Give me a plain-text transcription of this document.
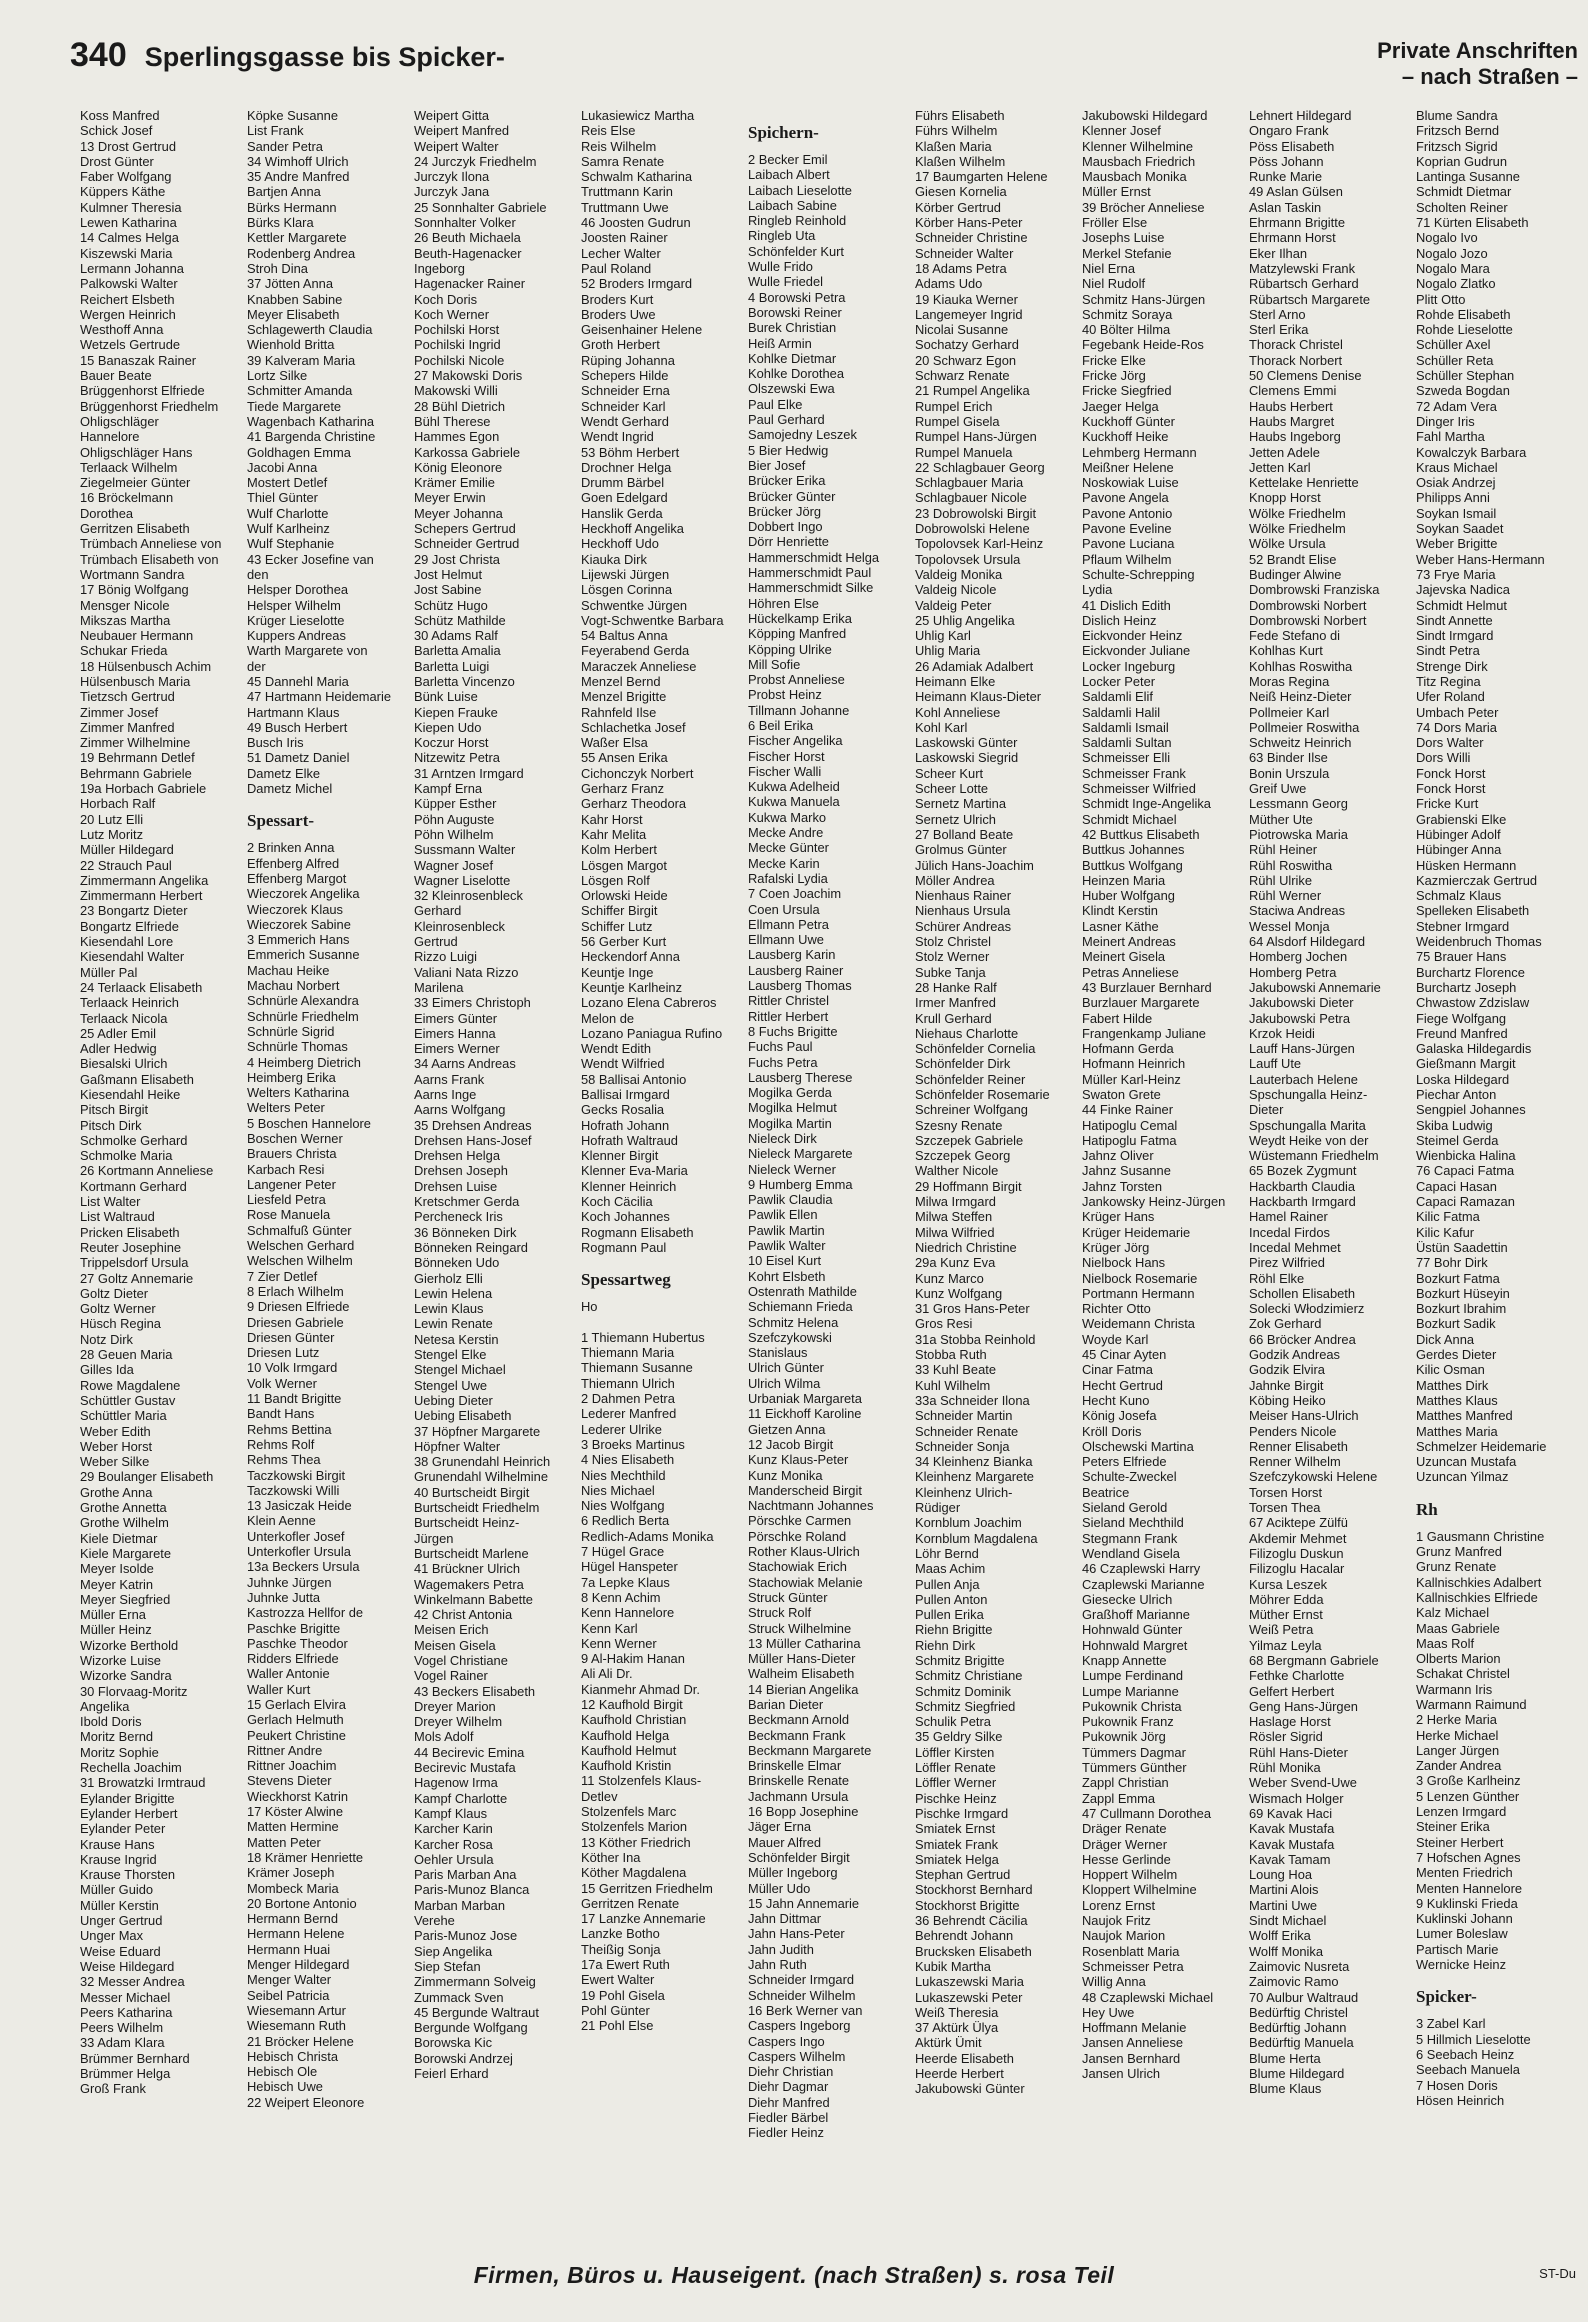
340 Sperlingsgasse bis Spicker-	Private Anschriften
– nach Straßen –
Koss Manfred
Schick Josef
13 Drost Gertrud
Drost Günter
Faber Wolfgang
Küppers Käthe
Kulmner Theresia
Lewen Katharina
14 Calmes Helga
Kiszewski Maria
Lermann Johanna
Palkowski Walter
Reichert Elsbeth
Wergen Heinrich
Westhoff Anna
Wetzels Gertrude
15 Banaszak Rainer
Bauer Beate
Brüggenhorst Elfriede
Brüggenhorst Friedhelm
Ohligschläger
Hannelore
Ohligschläger Hans
Terlaack Wilhelm
Ziegelmeier Günter
16 Bröckelmann
Dorothea
Gerritzen Elisabeth
Trümbach Anneliese von
Trümbach Elisabeth von
Wortmann Sandra
17 Bönig Wolfgang
Mensger Nicole
Mikszas Martha
Neubauer Hermann
Schukar Frieda
18 Hülsenbusch Achim
Hülsenbusch Maria
Tietzsch Gertrud
Zimmer Josef
Zimmer Manfred
Zimmer Wilhelmine
19 Behrmann Detlef
Behrmann Gabriele
19a Horbach Gabriele
Horbach Ralf
20 Lutz Elli
Lutz Moritz
Müller Hildegard
22 Strauch Paul
Zimmermann Angelika
Zimmermann Herbert
23 Bongartz Dieter
Bongartz Elfriede
Kiesendahl Lore
Kiesendahl Walter
Müller Pal
24 Terlaack Elisabeth
Terlaack Heinrich
Terlaack Nicola
25 Adler Emil
Adler Hedwig
Biesalski Ulrich
Gaßmann Elisabeth
Kiesendahl Heike
Pitsch Birgit
Pitsch Dirk
Schmolke Gerhard
Schmolke Maria
26 Kortmann Anneliese
Kortmann Gerhard
List Walter
List Waltraud
Pricken Elisabeth
Reuter Josephine
Trippelsdorf Ursula
27 Goltz Annemarie
Goltz Dieter
Goltz Werner
Hüsch Regina
Notz Dirk
28 Geuen Maria
Gilles Ida
Rowe Magdalene
Schüttler Gustav
Schüttler Maria
Weber Edith
Weber Horst
Weber Silke
29 Boulanger Elisabeth
Grothe Anna
Grothe Annetta
Grothe Wilhelm
Kiele Dietmar
Kiele Margarete
Meyer Isolde
Meyer Katrin
Meyer Siegfried
Müller Erna
Müller Heinz
Wizorke Berthold
Wizorke Luise
Wizorke Sandra
30 Florvaag-Moritz
Angelika
Ibold Doris
Moritz Bernd
Moritz Sophie
Rechella Joachim
31 Browatzki Irmtraud
Eylander Brigitte
Eylander Herbert
Eylander Peter
Krause Hans
Krause Ingrid
Krause Thorsten
Müller Guido
Müller Kerstin
Unger Gertrud
Unger Max
Weise Eduard
Weise Hildegard
32 Messer Andrea
Messer Michael
Peers Katharina
Peers Wilhelm
33 Adam Klara
Brümmer Bernhard
Brümmer Helga
Groß Frank
Köpke Susanne
List Frank
Sander Petra
34 Wimhoff Ulrich
35 Andre Manfred
Bartjen Anna
Bürks Hermann
Bürks Klara
Kettler Margarete
Rodenberg Andrea
Stroh Dina
37 Jötten Anna
Knabben Sabine
Meyer Elisabeth
Schlagewerth Claudia
Wienhold Britta
39 Kalveram Maria
Lortz Silke
Schmitter Amanda
Tiede Margarete
Wagenbach Katharina
41 Bargenda Christine
Goldhagen Emma
Jacobi Anna
Mostert Detlef
Thiel Günter
Wulf Charlotte
Wulf Karlheinz
Wulf Stephanie
43 Ecker Josefine van
den
Helsper Dorothea
Helsper Wilhelm
Krüger Lieselotte
Kuppers Andreas
Warth Margarete von
der
45 Dannehl Maria
47 Hartmann Heidemarie
Hartmann Klaus
49 Busch Herbert
Busch Iris
51 Dametz Daniel
Dametz Elke
Dametz Michel
Spessart-
2 Brinken Anna
Effenberg Alfred
Effenberg Margot
Wieczorek Angelika
Wieczorek Klaus
Wieczorek Sabine
3 Emmerich Hans
Emmerich Susanne
Machau Heike
Machau Norbert
Schnürle Alexandra
Schnürle Friedhelm
Schnürle Sigrid
Schnürle Thomas
4 Heimberg Dietrich
Heimberg Erika
Welters Katharina
Welters Peter
5 Boschen Hannelore
Boschen Werner
Brauers Christa
Karbach Resi
Langener Peter
Liesfeld Petra
Rose Manuela
Schmalfuß Günter
Welschen Gerhard
Welschen Wilhelm
7 Zier Detlef
8 Erlach Wilhelm
9 Driesen Elfriede
Driesen Gabriele
Driesen Günter
Driesen Lutz
10 Volk Irmgard
Volk Werner
11 Bandt Brigitte
Bandt Hans
Rehms Bettina
Rehms Rolf
Rehms Thea
Taczkowski Birgit
Taczkowski Willi
13 Jasiczak Heide
Klein Aenne
Unterkofler Josef
Unterkofler Ursula
13a Beckers Ursula
Juhnke Jürgen
Juhnke Jutta
Kastrozza Hellfor de
Paschke Brigitte
Paschke Theodor
Ridders Elfriede
Waller Antonie
Waller Kurt
15 Gerlach Elvira
Gerlach Helmuth
Peukert Christine
Rittner Andre
Rittner Joachim
Stevens Dieter
Wieckhorst Katrin
17 Köster Alwine
Matten Hermine
Matten Peter
18 Krämer Henriette
Krämer Joseph
Mombeck Maria
20 Bortone Antonio
Hermann Bernd
Hermann Helene
Hermann Huai
Menger Hildegard
Menger Walter
Seibel Patricia
Wiesemann Artur
Wiesemann Ruth
21 Bröcker Helene
Hebisch Christa
Hebisch Ole
Hebisch Uwe
22 Weipert Eleonore
Weipert Gitta
Weipert Manfred
Weipert Walter
24 Jurczyk Friedhelm
Jurczyk Ilona
Jurczyk Jana
25 Sonnhalter Gabriele
Sonnhalter Volker
26 Beuth Michaela
Beuth-Hagenacker
Ingeborg
Hagenacker Rainer
Koch Doris
Koch Werner
Pochilski Horst
Pochilski Ingrid
Pochilski Nicole
27 Makowski Doris
Makowski Willi
28 Bühl Dietrich
Bühl Therese
Hammes Egon
Karkossa Gabriele
König Eleonore
Krämer Emilie
Meyer Erwin
Meyer Johanna
Schepers Gertrud
Schneider Gertrud
29 Jost Christa
Jost Helmut
Jost Sabine
Schütz Hugo
Schütz Mathilde
30 Adams Ralf
Barletta Amalia
Barletta Luigi
Barletta Vincenzo
Bünk Luise
Kiepen Frauke
Kiepen Udo
Koczur Horst
Nitzewitz Petra
31 Arntzen Irmgard
Kampf Erna
Küpper Esther
Pöhn Auguste
Pöhn Wilhelm
Sussmann Walter
Wagner Josef
Wagner Liselotte
32 Kleinrosenbleck
Gerhard
Kleinrosenbleck
Gertrud
Rizzo Luigi
Valiani Nata Rizzo
Marilena
33 Eimers Christoph
Eimers Günter
Eimers Hanna
Eimers Werner
34 Aarns Andreas
Aarns Frank
Aarns Inge
Aarns Wolfgang
35 Drehsen Andreas
Drehsen Hans-Josef
Drehsen Helga
Drehsen Joseph
Drehsen Luise
Kretschmer Gerda
Percheneck Iris
36 Bönneken Dirk
Bönneken Reingard
Bönneken Udo
Gierholz Elli
Lewin Helena
Lewin Klaus
Lewin Renate
Netesa Kerstin
Stengel Elke
Stengel Michael
Stengel Uwe
Uebing Dieter
Uebing Elisabeth
37 Höpfner Margarete
Höpfner Walter
38 Grunendahl Heinrich
Grunendahl Wilhelmine
40 Burtscheidt Birgit
Burtscheidt Friedhelm
Burtscheidt Heinz-
Jürgen
Burtscheidt Marlene
41 Brückner Ulrich
Wagemakers Petra
Winkelmann Babette
42 Christ Antonia
Meisen Erich
Meisen Gisela
Vogel Christiane
Vogel Rainer
43 Beckers Elisabeth
Dreyer Marion
Dreyer Wilhelm
Mols Adolf
44 Becirevic Emina
Becirevic Mustafa
Hagenow Irma
Kampf Charlotte
Kampf Klaus
Karcher Karin
Karcher Rosa
Oehler Ursula
Paris Marban Ana
Paris-Munoz Blanca
Marban Marban
Verehe
Paris-Munoz Jose
Siep Angelika
Siep Stefan
Zimmermann Solveig
Zummack Sven
45 Bergunde Waltraut
Bergunde Wolfgang
Borowska Kic
Borowski Andrzej
Feierl Erhard
Lukasiewicz Martha
Reis Else
Reis Wilhelm
Samra Renate
Schwalm Katharina
Truttmann Karin
Truttmann Uwe
46 Joosten Gudrun
Joosten Rainer
Lecher Walter
Paul Roland
52 Broders Irmgard
Broders Kurt
Broders Uwe
Geisenhainer Helene
Groth Herbert
Rüping Johanna
Schepers Hilde
Schneider Erna
Schneider Karl
Wendt Gerhard
Wendt Ingrid
53 Böhm Herbert
Drochner Helga
Drumm Bärbel
Goen Edelgard
Hanslik Gerda
Heckhoff Angelika
Heckhoff Udo
Kiauka Dirk
Lijewski Jürgen
Lösgen Corinna
Schwentke Jürgen
Vogt-Schwentke Barbara
54 Baltus Anna
Feyerabend Gerda
Maraczek Anneliese
Menzel Bernd
Menzel Brigitte
Rahnfeld Ilse
Schlachetka Josef
Waßer Elsa
55 Ansen Erika
Cichonczyk Norbert
Gerharz Franz
Gerharz Theodora
Kahr Horst
Kahr Melita
Kolm Herbert
Lösgen Margot
Lösgen Rolf
Orlowski Heide
Schiffer Birgit
Schiffer Lutz
56 Gerber Kurt
Heckendorf Anna
Keuntje Inge
Keuntje Karlheinz
Lozano Elena Cabreros
Melon de
Lozano Paniagua Rufino
Wendt Edith
Wendt Wilfried
58 Ballisai Antonio
Ballisai Irmgard
Gecks Rosalia
Hofrath Johann
Hofrath Waltraud
Klenner Birgit
Klenner Eva-Maria
Klenner Heinrich
Koch Cäcilia
Koch Johannes
Rogmann Elisabeth
Rogmann Paul
Spessartweg
Ho

1 Thiemann Hubertus
Thiemann Maria
Thiemann Susanne
Thiemann Ulrich
2 Dahmen Petra
Lederer Manfred
Lederer Ulrike
3 Broeks Martinus
4 Nies Elisabeth
Nies Mechthild
Nies Michael
Nies Wolfgang
6 Redlich Berta
Redlich-Adams Monika
7 Hügel Grace
Hügel Hanspeter
7a Lepke Klaus
8 Kenn Achim
Kenn Hannelore
Kenn Karl
Kenn Werner
9 Al-Hakim Hanan
Ali Ali Dr.
Kianmehr Ahmad Dr.
12 Kaufhold Birgit
Kaufhold Christian
Kaufhold Helga
Kaufhold Helmut
Kaufhold Kristin
11 Stolzenfels Klaus-
Detlev
Stolzenfels Marc
Stolzenfels Marion
13 Köther Friedrich
Köther Ina
Köther Magdalena
15 Gerritzen Friedhelm
Gerritzen Renate
17 Lanzke Annemarie
Lanzke Botho
Theißig Sonja
17a Ewert Ruth
Ewert Walter
19 Pohl Gisela
Pohl Günter
21 Pohl Else
Spichern-
2 Becker Emil
Laibach Albert
Laibach Lieselotte
Laibach Sabine
Ringleb Reinhold
Ringleb Uta
Schönfelder Kurt
Wulle Frido
Wulle Friedel
4 Borowski Petra
Borowski Reiner
Burek Christian
Heiß Armin
Kohlke Dietmar
Kohlke Dorothea
Olszewski Ewa
Paul Elke
Paul Gerhard
Samojedny Leszek
5 Bier Hedwig
Bier Josef
Brücker Erika
Brücker Günter
Brücker Jörg
Dobbert Ingo
Dörr Henriette
Hammerschmidt Helga
Hammerschmidt Paul
Hammerschmidt Silke
Höhren Else
Hückelkamp Erika
Köpping Manfred
Köpping Ulrike
Mill Sofie
Probst Anneliese
Probst Heinz
Tillmann Johanne
6 Beil Erika
Fischer Angelika
Fischer Horst
Fischer Walli
Kukwa Adelheid
Kukwa Manuela
Kukwa Marko
Mecke Andre
Mecke Günter
Mecke Karin
Rafalski Lydia
7 Coen Joachim
Coen Ursula
Ellmann Petra
Ellmann Uwe
Lausberg Karin
Lausberg Rainer
Lausberg Thomas
Rittler Christel
Rittler Herbert
8 Fuchs Brigitte
Fuchs Paul
Fuchs Petra
Lausberg Therese
Mogilka Gerda
Mogilka Helmut
Mogilka Martin
Nieleck Dirk
Nieleck Margarete
Nieleck Werner
9 Humberg Emma
Pawlik Claudia
Pawlik Ellen
Pawlik Martin
Pawlik Walter
10 Eisel Kurt
Kohrt Elsbeth
Ostenrath Mathilde
Schiemann Frieda
Schmitz Helena
Szefczykowski
Stanislaus
Ulrich Günter
Ulrich Wilma
Urbaniak Margareta
11 Eickhoff Karoline
Gietzen Anna
12 Jacob Birgit
Kunz Klaus-Peter
Kunz Monika
Manderscheid Birgit
Nachtmann Johannes
Pörschke Carmen
Pörschke Roland
Rother Klaus-Ulrich
Stachowiak Erich
Stachowiak Melanie
Struck Günter
Struck Rolf
Struck Wilhelmine
13 Müller Catharina
Müller Hans-Dieter
Walheim Elisabeth
14 Bierian Angelika
Barian Dieter
Beckmann Arnold
Beckmann Frank
Beckmann Margarete
Brinskelle Elmar
Brinskelle Renate
Jachmann Ursula
16 Bopp Josephine
Jäger Erna
Mauer Alfred
Schönfelder Birgit
Müller Ingeborg
Müller Udo
15 Jahn Annemarie
Jahn Dittmar
Jahn Hans-Peter
Jahn Judith
Jahn Ruth
Schneider Irmgard
Schneider Wilhelm
16 Berk Werner van
Caspers Ingeborg
Caspers Ingo
Caspers Wilhelm
Diehr Christian
Diehr Dagmar
Diehr Manfred
Fiedler Bärbel
Fiedler Heinz
Führs Elisabeth
Führs Wilhelm
Klaßen Maria
Klaßen Wilhelm
17 Baumgarten Helene
Giesen Kornelia
Körber Gertrud
Körber Hans-Peter
Schneider Christine
Schneider Walter
18 Adams Petra
Adams Udo
19 Kiauka Werner
Langemeyer Ingrid
Nicolai Susanne
Sochatzy Gerhard
20 Schwarz Egon
Schwarz Renate
21 Rumpel Angelika
Rumpel Erich
Rumpel Gisela
Rumpel Hans-Jürgen
Rumpel Manuela
22 Schlagbauer Georg
Schlagbauer Maria
Schlagbauer Nicole
23 Dobrowolski Birgit
Dobrowolski Helene
Topolovsek Karl-Heinz
Topolovsek Ursula
Valdeig Monika
Valdeig Nicole
Valdeig Peter
25 Uhlig Angelika
Uhlig Karl
Uhlig Maria
26 Adamiak Adalbert
Heimann Elke
Heimann Klaus-Dieter
Kohl Anneliese
Kohl Karl
Laskowski Günter
Laskowski Siegrid
Scheer Kurt
Scheer Lotte
Sernetz Martina
Sernetz Ulrich
27 Bolland Beate
Grolmus Günter
Jülich Hans-Joachim
Möller Andrea
Nienhaus Rainer
Nienhaus Ursula
Schürer Andreas
Stolz Christel
Stolz Werner
Subke Tanja
28 Hanke Ralf
Irmer Manfred
Krull Gerhard
Niehaus Charlotte
Schönfelder Cornelia
Schönfelder Dirk
Schönfelder Reiner
Schönfelder Rosemarie
Schreiner Wolfgang
Szesny Renate
Szczepek Gabriele
Szczepek Georg
Walther Nicole
29 Hoffmann Birgit
Milwa Irmgard
Milwa Steffen
Milwa Wilfried
Niedrich Christine
29a Kunz Eva
Kunz Marco
Kunz Wolfgang
31 Gros Hans-Peter
Gros Resi
31a Stobba Reinhold
Stobba Ruth
33 Kuhl Beate
Kuhl Wilhelm
33a Schneider Ilona
Schneider Martin
Schneider Renate
Schneider Sonja
34 Kleinhenz Bianka
Kleinhenz Margarete
Kleinhenz Ulrich-
Rüdiger
Kornblum Joachim
Kornblum Magdalena
Löhr Bernd
Maas Achim
Pullen Anja
Pullen Anton
Pullen Erika
Riehn Brigitte
Riehn Dirk
Schmitz Brigitte
Schmitz Christiane
Schmitz Dominik
Schmitz Siegfried
Schulik Petra
35 Geldry Silke
Löffler Kirsten
Löffler Renate
Löffler Werner
Pischke Heinz
Pischke Irmgard
Smiatek Ernst
Smiatek Frank
Smiatek Helga
Stephan Gertrud
Stockhorst Bernhard
Stockhorst Brigitte
36 Behrendt Cäcilia
Behrendt Johann
Brucksken Elisabeth
Kubik Martha
Lukaszewski Maria
Lukaszewski Peter
Weiß Theresia
37 Aktürk Ülya
Aktürk Ümit
Heerde Elisabeth
Heerde Herbert
Jakubowski Günter
Jakubowski Hildegard
Klenner Josef
Klenner Wilhelmine
Mausbach Friedrich
Mausbach Monika
Müller Ernst
39 Bröcher Anneliese
Fröller Else
Josephs Luise
Merkel Stefanie
Niel Erna
Niel Rudolf
Schmitz Hans-Jürgen
Schmitz Soraya
40 Bölter Hilma
Fegebank Heide-Ros
Fricke Elke
Fricke Jörg
Fricke Siegfried
Jaeger Helga
Kuckhoff Günter
Kuckhoff Heike
Lehmberg Hermann
Meißner Helene
Noskowiak Luise
Pavone Angela
Pavone Antonio
Pavone Eveline
Pavone Luciana
Pflaum Wilhelm
Schulte-Schrepping
Lydia
41 Dislich Edith
Dislich Heinz
Eickvonder Heinz
Eickvonder Juliane
Locker Ingeburg
Locker Peter
Saldamli Elif
Saldamli Halil
Saldamli Ismail
Saldamli Sultan
Schmeisser Elli
Schmeisser Frank
Schmeisser Wilfried
Schmidt Inge-Angelika
Schmidt Michael
42 Buttkus Elisabeth
Buttkus Johannes
Buttkus Wolfgang
Heinzen Maria
Huber Wolfgang
Klindt Kerstin
Lasner Käthe
Meinert Andreas
Meinert Gisela
Petras Anneliese
43 Burzlauer Bernhard
Burzlauer Margarete
Fabert Hilde
Frangenkamp Juliane
Hofmann Gerda
Hofmann Heinrich
Müller Karl-Heinz
Swaton Grete
44 Finke Rainer
Hatipoglu Cemal
Hatipoglu Fatma
Jahnz Oliver
Jahnz Susanne
Jahnz Torsten
Jankowsky Heinz-Jürgen
Krüger Hans
Krüger Heidemarie
Krüger Jörg
Nielbock Hans
Nielbock Rosemarie
Portmann Hermann
Richter Otto
Weidemann Christa
Woyde Karl
45 Cinar Ayten
Cinar Fatma
Hecht Gertrud
Hecht Kuno
König Josefa
Kröll Doris
Olschewski Martina
Peters Elfriede
Schulte-Zweckel
Beatrice
Sieland Gerold
Sieland Mechthild
Stegmann Frank
Wendland Gisela
46 Czaplewski Harry
Czaplewski Marianne
Giesecke Ulrich
Graßhoff Marianne
Hohnwald Günter
Hohnwald Margret
Knapp Annette
Lumpe Ferdinand
Lumpe Marianne
Pukownik Christa
Pukownik Franz
Pukownik Jörg
Tümmers Dagmar
Tümmers Günther
Zappl Christian
Zappl Emma
47 Cullmann Dorothea
Dräger Renate
Dräger Werner
Hesse Gerlinde
Hoppert Wilhelm
Kloppert Wilhelmine
Lorenz Ernst
Naujok Fritz
Naujok Marion
Rosenblatt Maria
Schmeisser Petra
Willig Anna
48 Czaplewski Michael
Hey Uwe
Hoffmann Melanie
Jansen Anneliese
Jansen Bernhard
Jansen Ulrich
Lehnert Hildegard
Ongaro Frank
Pöss Elisabeth
Pöss Johann
Runke Marie
49 Aslan Gülsen
Aslan Taskin
Ehrmann Brigitte
Ehrmann Horst
Eker Ilhan
Matzylewski Frank
Rübartsch Gerhard
Rübartsch Margarete
Sterl Arno
Sterl Erika
Thorack Christel
Thorack Norbert
50 Clemens Denise
Clemens Emmi
Haubs Herbert
Haubs Margret
Haubs Ingeborg
Jetten Adele
Jetten Karl
Kettelake Henriette
Knopp Horst
Wölke Friedhelm
Wölke Friedhelm
Wölke Ursula
52 Brandt Elise
Budinger Alwine
Dombrowski Franziska
Dombrowski Norbert
Dombrowski Norbert
Fede Stefano di
Kohlhas Kurt
Kohlhas Roswitha
Moras Regina
Neiß Heinz-Dieter
Pollmeier Karl
Pollmeier Roswitha
Schweitz Heinrich
63 Binder Ilse
Bonin Urszula
Greif Uwe
Lessmann Georg
Müther Ute
Piotrowska Maria
Rühl Heiner
Rühl Roswitha
Rühl Ulrike
Rühl Werner
Staciwa Andreas
Wessel Monja
64 Alsdorf Hildegard
Homberg Jochen
Homberg Petra
Jakubowski Annemarie
Jakubowski Dieter
Jakubowski Petra
Krzok Heidi
Lauff Hans-Jürgen
Lauff Ute
Lauterbach Helene
Spschungalla Heinz-
Dieter
Spschungalla Marita
Weydt Heike von der
Wüstemann Friedhelm
65 Bozek Zygmunt
Hackbarth Claudia
Hackbarth Irmgard
Hamel Rainer
Incedal Firdos
Incedal Mehmet
Pirez Wilfried
Röhl Elke
Schollen Elisabeth
Solecki Włodzimierz
Zok Gerhard
66 Bröcker Andrea
Godzik Andreas
Godzik Elvira
Jahnke Birgit
Köbing Heiko
Meiser Hans-Ulrich
Penders Nicole
Renner Elisabeth
Renner Wilhelm
Szefczykowski Helene
Torsen Horst
Torsen Thea
67 Aciktepe Zülfü
Akdemir Mehmet
Filizoglu Duskun
Filizoglu Hacalar
Kursa Leszek
Möhrer Edda
Müther Ernst
Weiß Petra
Yilmaz Leyla
68 Bergmann Gabriele
Fethke Charlotte
Gelfert Herbert
Geng Hans-Jürgen
Haslage Horst
Rösler Sigrid
Rühl Hans-Dieter
Rühl Monika
Weber Svend-Uwe
Wismach Holger
69 Kavak Haci
Kavak Mustafa
Kavak Mustafa
Kavak Tamam
Loung Hoa
Martini Alois
Martini Uwe
Sindt Michael
Wolff Erika
Wolff Monika
Zaimovic Nusreta
Zaimovic Ramo
70 Aulbur Waltraud
Bedürftig Christel
Bedürftig Johann
Bedürftig Manuela
Blume Herta
Blume Hildegard
Blume Klaus
Blume Sandra
Fritzsch Bernd
Fritzsch Sigrid
Koprian Gudrun
Lantinga Susanne
Schmidt Dietmar
Scholten Reiner
71 Kürten Elisabeth
Nogalo Ivo
Nogalo Jozo
Nogalo Mara
Nogalo Zlatko
Plitt Otto
Rohde Elisabeth
Rohde Lieselotte
Schüller Axel
Schüller Reta
Schüller Stephan
Szweda Bogdan
72 Adam Vera
Dinger Iris
Fahl Martha
Kowalczyk Barbara
Kraus Michael
Osiak Andrzej
Philipps Anni
Soykan Ismail
Soykan Saadet
Weber Brigitte
Weber Hans-Hermann
73 Frye Maria
Jajevska Nadica
Schmidt Helmut
Sindt Annette
Sindt Irmgard
Sindt Petra
Strenge Dirk
Titz Regina
Ufer Roland
Umbach Peter
74 Dors Maria
Dors Walter
Dors Willi
Fonck Horst
Fonck Horst
Fricke Kurt
Grabienski Elke
Hübinger Adolf
Hübinger Anna
Hüsken Hermann
Kazmierczak Gertrud
Schmalz Klaus
Spelleken Elisabeth
Stebner Irmgard
Weidenbruch Thomas
75 Brauer Hans
Burchartz Florence
Burchartz Joseph
Chwastow Zdzislaw
Fiege Wolfgang
Freund Manfred
Galaska Hildegardis
Gießmann Margit
Loska Hildegard
Piechar Anton
Sengpiel Johannes
Skiba Ludwig
Steimel Gerda
Wienbicka Halina
76 Capaci Fatma
Capaci Hasan
Capaci Ramazan
Kilic Fatma
Kilic Kafur
Üstün Saadettin
77 Bohr Dirk
Bozkurt Fatma
Bozkurt Hüseyin
Bozkurt Ibrahim
Bozkurt Sadik
Dick Anna
Gerdes Dieter
Kilic Osman
Matthes Dirk
Matthes Klaus
Matthes Manfred
Matthes Maria
Schmelzer Heidemarie
Uzuncan Mustafa
Uzuncan Yilmaz
Rh
1 Gausmann Christine
Grunz Manfred
Grunz Renate
Kallnischkies Adalbert
Kallnischkies Elfriede
Kalz Michael
Maas Gabriele
Maas Rolf
Olberts Marion
Schakat Christel
Warmann Iris
Warmann Raimund
2 Herke Maria
Herke Michael
Langer Jürgen
Zander Andrea
3 Große Karlheinz
5 Lenzen Günther
Lenzen Irmgard
Steiner Erika
Steiner Herbert
7 Hofschen Agnes
Menten Friedrich
Menten Hannelore
9 Kuklinski Frieda
Kuklinski Johann
Lumer Boleslaw
Partisch Marie
Wernicke Heinz
Spicker-
3 Zabel Karl
5 Hillmich Lieselotte
6 Seebach Heinz
Seebach Manuela
7 Hosen Doris
Hösen Heinrich
Firmen, Büros u. Hauseigent. (nach Straßen) s. rosa Teil	ST-Du
